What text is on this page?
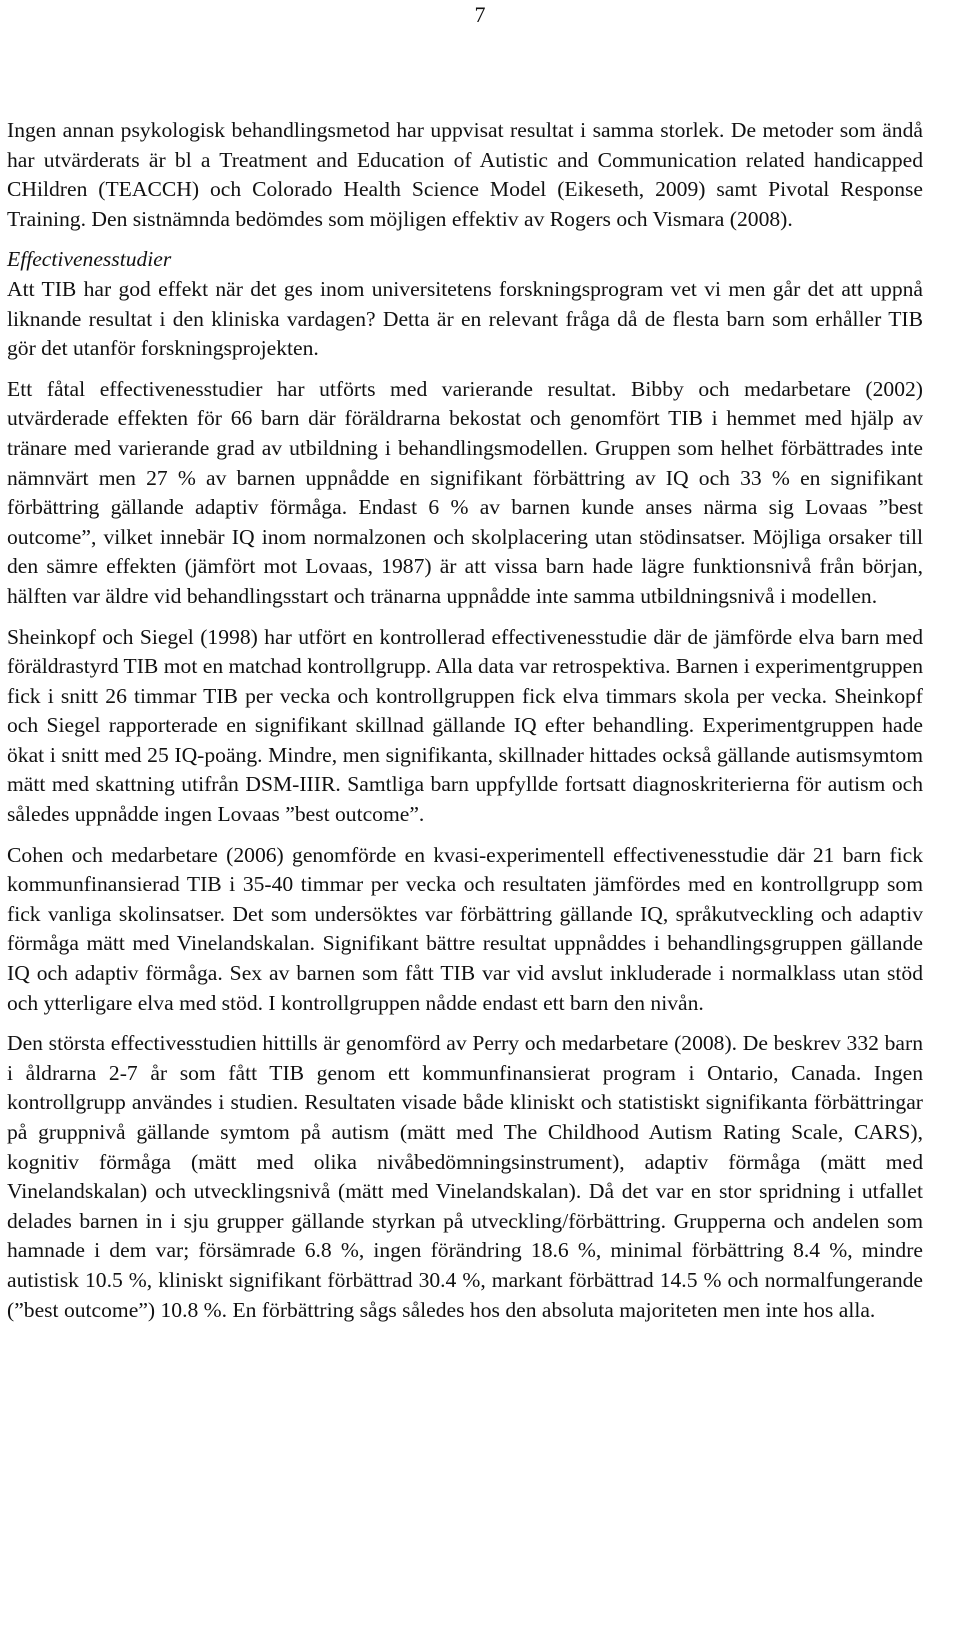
7

Ingen annan psykologisk behandlingsmetod har uppvisat resultat i samma storlek. De metoder som ändå har utvärderats är bl a Treatment and Education of Autistic and Communication related handicapped CHildren (TEACCH) och Colorado Health Science Model (Eikeseth, 2009) samt Pivotal Response Training. Den sistnämnda bedömdes som möjligen effektiv av Rogers och Vismara (2008).

Effectivenesstudier

Att TIB har god effekt när det ges inom universitetens forskningsprogram vet vi men går det att uppnå liknande resultat i den kliniska vardagen? Detta är en relevant fråga då de flesta barn som erhåller TIB gör det utanför forskningsprojekten.

Ett fåtal effectivenesstudier har utförts med varierande resultat. Bibby och medarbetare (2002) utvärderade effekten för 66 barn där föräldrarna bekostat och genomfört TIB i hemmet med hjälp av tränare med varierande grad av utbildning i behandlingsmodellen. Gruppen som helhet förbättrades inte nämnvärt men 27 % av barnen uppnådde en signifikant förbättring av IQ och 33 % en signifikant förbättring gällande adaptiv förmåga. Endast 6 % av barnen kunde anses närma sig Lovaas ”best outcome”, vilket innebär IQ inom normalzonen och skolplacering utan stödinsatser. Möjliga orsaker till den sämre effekten (jämfört mot Lovaas, 1987) är att vissa barn hade lägre funktionsnivå från början, hälften var äldre vid behandlingsstart och tränarna uppnådde inte samma utbildningsnivå i modellen.

Sheinkopf och Siegel (1998) har utfört en kontrollerad effectivenesstudie där de jämförde elva barn med föräldrastyrd TIB mot en matchad kontrollgrupp. Alla data var retrospektiva. Barnen i experimentgruppen fick i snitt 26 timmar TIB per vecka och kontrollgruppen fick elva timmars skola per vecka. Sheinkopf och Siegel rapporterade en signifikant skillnad gällande IQ efter behandling. Experimentgruppen hade ökat i snitt med 25 IQ-poäng. Mindre, men signifikanta, skillnader hittades också gällande autismsymtom mätt med skattning utifrån DSM-IIIR. Samtliga barn uppfyllde fortsatt diagnoskriterierna för autism och således uppnådde ingen Lovaas ”best outcome”.

Cohen och medarbetare (2006) genomförde en kvasi-experimentell effectivenesstudie där 21 barn fick kommunfinansierad TIB i 35-40 timmar per vecka och resultaten jämfördes med en kontrollgrupp som fick vanliga skolinsatser. Det som undersöktes var förbättring gällande IQ, språkutveckling och adaptiv förmåga mätt med Vinelandskalan. Signifikant bättre resultat uppnåddes i behandlingsgruppen gällande IQ och adaptiv förmåga. Sex av barnen som fått TIB var vid avslut inkluderade i normalklass utan stöd och ytterligare elva med stöd. I kontrollgruppen nådde endast ett barn den nivån.

Den största effectivesstudien hittills är genomförd av Perry och medarbetare (2008). De beskrev 332 barn i åldrarna 2-7 år som fått TIB genom ett kommunfinansierat program i Ontario, Canada. Ingen kontrollgrupp användes i studien. Resultaten visade både kliniskt och statistiskt signifikanta förbättringar på gruppnivå gällande symtom på autism (mätt med The Childhood Autism Rating Scale, CARS), kognitiv förmåga (mätt med olika nivåbedömningsinstrument), adaptiv förmåga (mätt med Vinelandskalan) och utvecklingsnivå (mätt med Vinelandskalan). Då det var en stor spridning i utfallet delades barnen in i sju grupper gällande styrkan på utveckling/förbättring. Grupperna och andelen som hamnade i dem var; försämrade 6.8 %, ingen förändring 18.6 %, minimal förbättring 8.4 %, mindre autistisk 10.5 %, kliniskt signifikant förbättrad 30.4 %, markant förbättrad 14.5 % och normalfungerande (”best outcome”) 10.8 %. En förbättring sågs således hos den absoluta majoriteten men inte hos alla.
